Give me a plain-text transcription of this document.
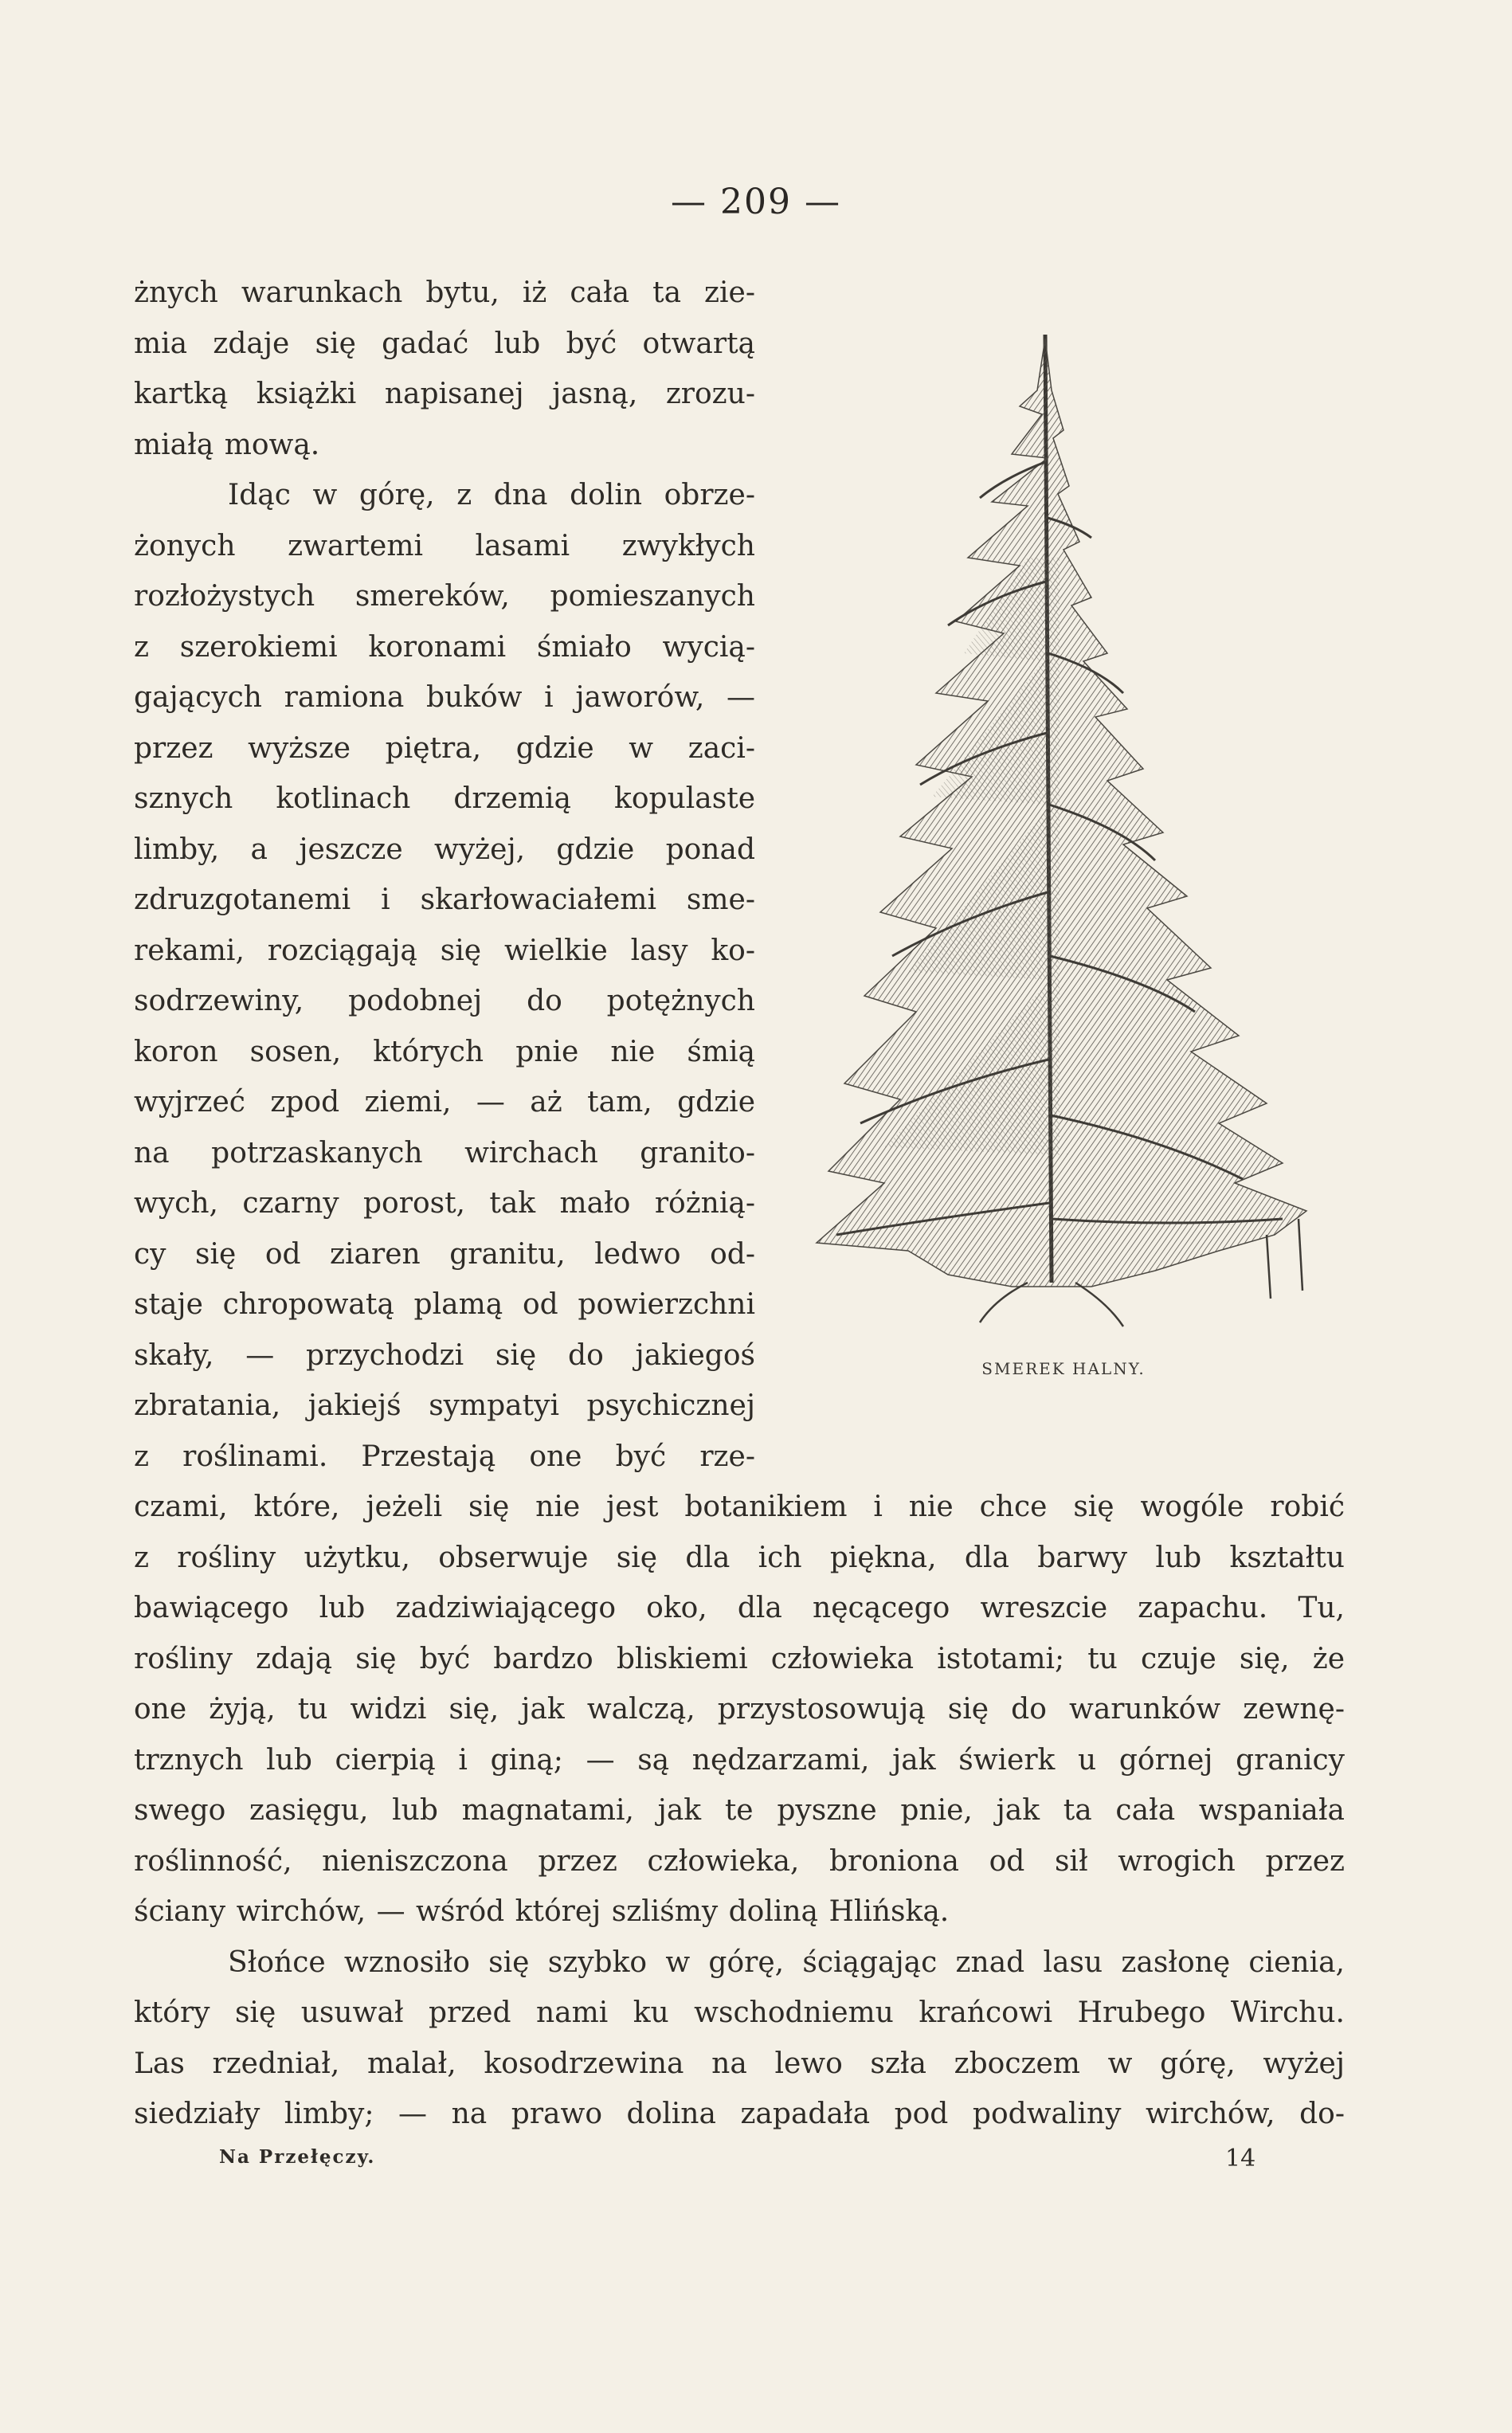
— 209 —
żnych warunkach bytu, iż cała ta zie-
mia zdaje się gadać lub być otwartą
kartką książki napisanej jasną, zrozu-
miałą mową.
Idąc w górę, z dna dolin obrze-
żonych zwartemi lasami zwykłych
rozłożystych smereków, pomieszanych
z szerokiemi koronami śmiało wycią-
gających ramiona buków i jaworów, —
przez wyższe piętra, gdzie w zaci-
sznych kotlinach drzemią kopulaste
limby, a jeszcze wyżej, gdzie ponad
zdruzgotanemi i skarłowaciałemi sme-
rekami, rozciągają się wielkie lasy ko-
sodrzewiny, podobnej do potężnych
koron sosen, których pnie nie śmią
wyjrzeć zpod ziemi, — aż tam, gdzie
na potrzaskanych wirchach granito-
wych, czarny porost, tak mało różnią-
cy się od ziaren granitu, ledwo od-
staje chropowatą plamą od powierzchni
skały, — przychodzi się do jakiegoś
zbratania, jakiejś sympatyi psychicznej
z roślinami. Przestają one być rze-
SMEREK HALNY.
czami, które, jeżeli się nie jest botanikiem i nie chce się wogóle robić
z rośliny użytku, obserwuje się dla ich piękna, dla barwy lub kształtu
bawiącego lub zadziwiającego oko, dla nęcącego wreszcie zapachu. Tu,
rośliny zdają się być bardzo bliskiemi człowieka istotami; tu czuje się, że
one żyją, tu widzi się, jak walczą, przystosowują się do warunków zewnę-
trznych lub cierpią i giną; — są nędzarzami, jak świerk u górnej granicy
swego zasięgu, lub magnatami, jak te pyszne pnie, jak ta cała wspaniała
roślinność, nieniszczona przez człowieka, broniona od sił wrogich przez
ściany wirchów, — wśród której szliśmy doliną Hlińską.
Słońce wznosiło się szybko w górę, ściągając znad lasu zasłonę cienia,
który się usuwał przed nami ku wschodniemu krańcowi Hrubego Wirchu.
Las rzedniał, malał, kosodrzewina na lewo szła zboczem w górę, wyżej
siedziały limby; — na prawo dolina zapadała pod podwaliny wirchów, do-
Na Przełęczy.	14
